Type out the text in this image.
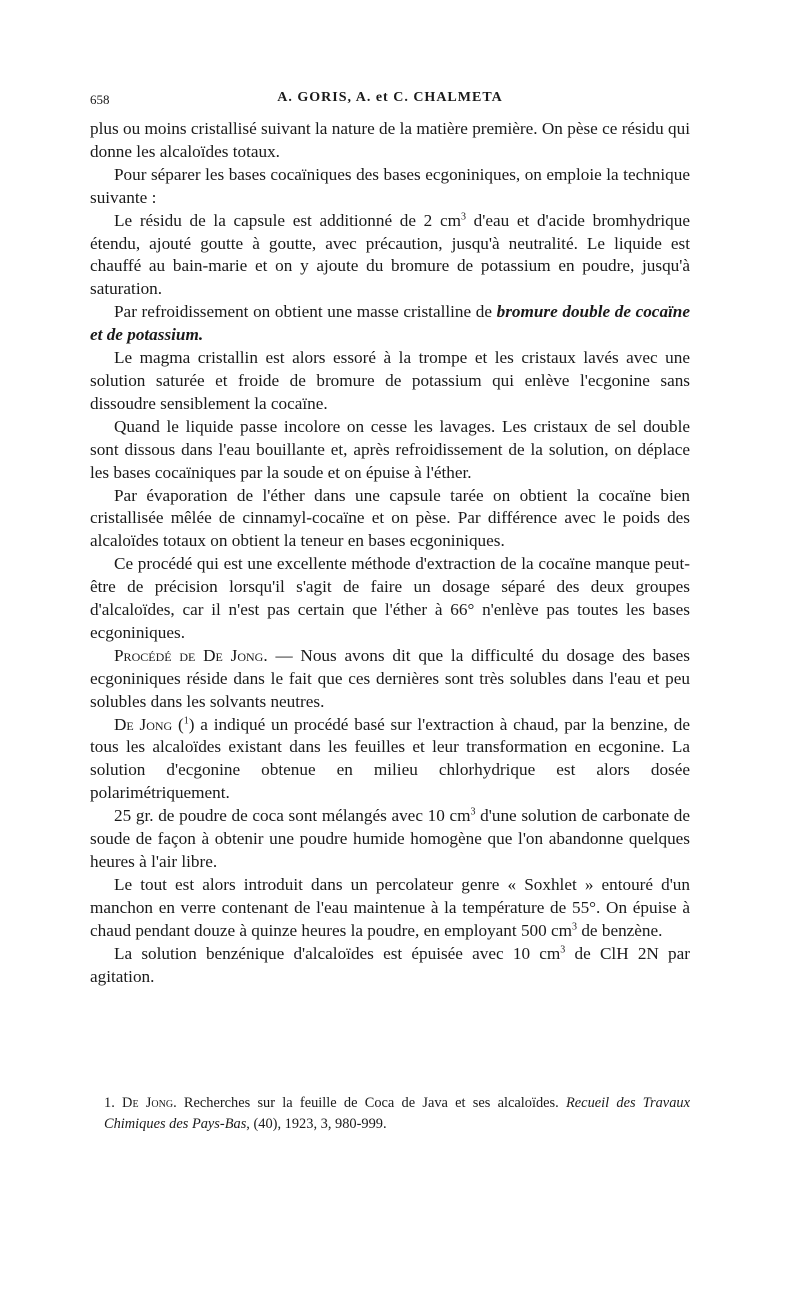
658	A. GORIS, A. et C. CHALMETA

plus ou moins cristallisé suivant la nature de la matière première. On pèse ce résidu qui donne les alcaloïdes totaux.

Pour séparer les bases cocaïniques des bases ecgoniniques, on emploie la technique suivante :

Le résidu de la capsule est additionné de 2 $cm^3$ d'eau et d'acide bromhydrique étendu, ajouté goutte à goutte, avec précaution, jusqu'à neutralité. Le liquide est chauffé au bain-marie et on y ajoute du bromure de potassium en poudre, jusqu'à saturation.

Par refroidissement on obtient une masse cristalline de bromure double de cocaïne et de potassium.

Le magma cristallin est alors essoré à la trompe et les cristaux lavés avec une solution saturée et froide de bromure de potassium qui enlève l'ecgonine sans dissoudre sensiblement la cocaïne.

Quand le liquide passe incolore on cesse les lavages. Les cristaux de sel double sont dissous dans l'eau bouillante et, après refroidissement de la solution, on déplace les bases cocaïniques par la soude et on épuise à l'éther.

Par évaporation de l'éther dans une capsule tarée on obtient la cocaïne bien cristallisée mêlée de cinnamyl-cocaïne et on pèse. Par différence avec le poids des alcaloïdes totaux on obtient la teneur en bases ecgoniniques.

Ce procédé qui est une excellente méthode d'extraction de la cocaïne manque peut-être de précision lorsqu'il s'agit de faire un dosage séparé des deux groupes d'alcaloïdes, car il n'est pas certain que l'éther à 66° n'enlève pas toutes les bases ecgoniniques.

Procédé de De Jong. — Nous avons dit que la difficulté du dosage des bases ecgoniniques réside dans le fait que ces dernières sont très solubles dans l'eau et peu solubles dans les solvants neutres.

De Jong ($^1$) a indiqué un procédé basé sur l'extraction à chaud, par la benzine, de tous les alcaloïdes existant dans les feuilles et leur transformation en ecgonine. La solution d'ecgonine obtenue en milieu chlorhydrique est alors dosée polarimétriquement.

25 gr. de poudre de coca sont mélangés avec 10 $cm^3$ d'une solution de carbonate de soude de façon à obtenir une poudre humide homogène que l'on abandonne quelques heures à l'air libre.

Le tout est alors introduit dans un percolateur genre « Soxhlet » entouré d'un manchon en verre contenant de l'eau maintenue à la température de 55°. On épuise à chaud pendant douze à quinze heures la poudre, en employant 500 $cm^3$ de benzène.

La solution benzénique d'alcaloïdes est épuisée avec 10 $cm^3$ de ClH 2N par agitation.

1. De Jong. Recherches sur la feuille de Coca de Java et ses alcaloïdes. Recueil des Travaux Chimiques des Pays-Bas, (40), 1923, 3, 980-999.
